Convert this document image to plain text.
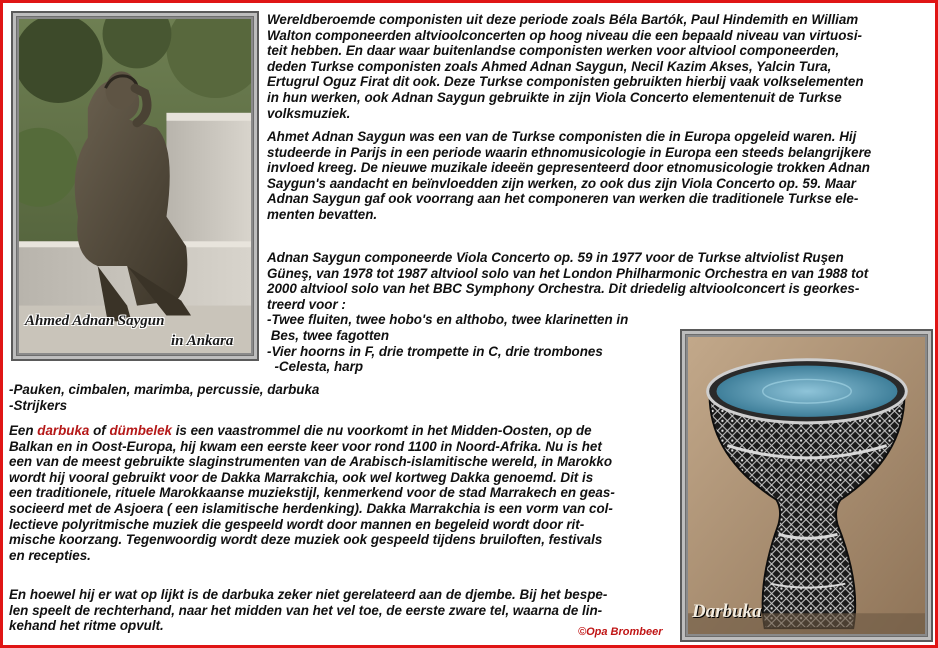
Ahmed Adnan Saygun
in Ankara
Darbuka

Wereldberoemde componisten uit deze periode zoals Béla Bartók, Paul Hindemith en William
Walton componeerden altvioolconcerten op hoog niveau die een bepaald niveau van virtuosi-
teit hebben. En daar waar buitenlandse componisten werken voor altviool componeerden,
deden Turkse componisten zoals Ahmed Adnan Saygun, Necil Kazim Akses, Yalcin Tura,
Ertugrul Oguz Firat dit ook. Deze Turkse componisten gebruikten hierbij vaak volkselementen
in hun werken, ook Adnan Saygun gebruikte in zijn Viola Concerto elementenuit de Turkse
volksmuziek.

Ahmet Adnan Saygun was een van de Turkse componisten die in Europa opgeleid waren. Hij
studeerde in Parijs in een periode waarin ethnomusicologie in Europa een steeds belangrijkere
invloed kreeg. De nieuwe muzikale ideeën gepresenteerd door etnomusicologie trokken Adnan
Saygun's aandacht en beïnvloedden zijn werken, zo ook dus zijn Viola Concerto op. 59. Maar
Adnan Saygun gaf ook voorrang aan het componeren van werken die traditionele Turkse ele-
menten bevatten.

Adnan Saygun componeerde Viola Concerto op. 59 in 1977 voor de Turkse altviolist Ruşen
Güneş, van 1978 tot 1987 altviool solo van het London Philharmonic Orchestra en van 1988 tot
2000 altviool solo van het BBC Symphony Orchestra. Dit driedelig altvioolconcert is georkes-
treerd voor :
-Twee fluiten, twee hobo's en althobo, twee klarinetten in
Bes, twee fagotten
-Vier hoorns in F, drie trompette in C, drie trombones
-Celesta, harp

-Pauken, cimbalen, marimba, percussie, darbuka
-Strijkers

Een darbuka of dümbelek is een vaastrommel die nu voorkomt in het Midden-Oosten, op de
Balkan en in Oost-Europa, hij kwam een eerste keer voor rond 1100 in Noord-Afrika. Nu is het
een van de meest gebruikte slaginstrumenten van de Arabisch-islamitische wereld, in Marokko
wordt hij vooral gebruikt voor de Dakka Marrakchia, ook wel kortweg Dakka genoemd. Dit is
een traditionele, rituele Marokkaanse muziekstijl, kenmerkend voor de stad Marrakech en geas-
socieerd met de Asjoera ( een islamitische herdenking). Dakka Marrakchia is een vorm van col-
lectieve polyritmische muziek die gespeeld wordt door mannen en begeleid wordt door rit-
mische koorzang. Tegenwoordig wordt deze muziek ook gespeeld tijdens bruiloften, festivals
en recepties.

En hoewel hij er wat op lijkt is de darbuka zeker niet gerelateerd aan de djembe. Bij het bespe-
len speelt de rechterhand, naar het midden van het vel toe, de eerste zware tel, waarna de lin-
kehand het ritme opvult.	©Opa Brombeer
